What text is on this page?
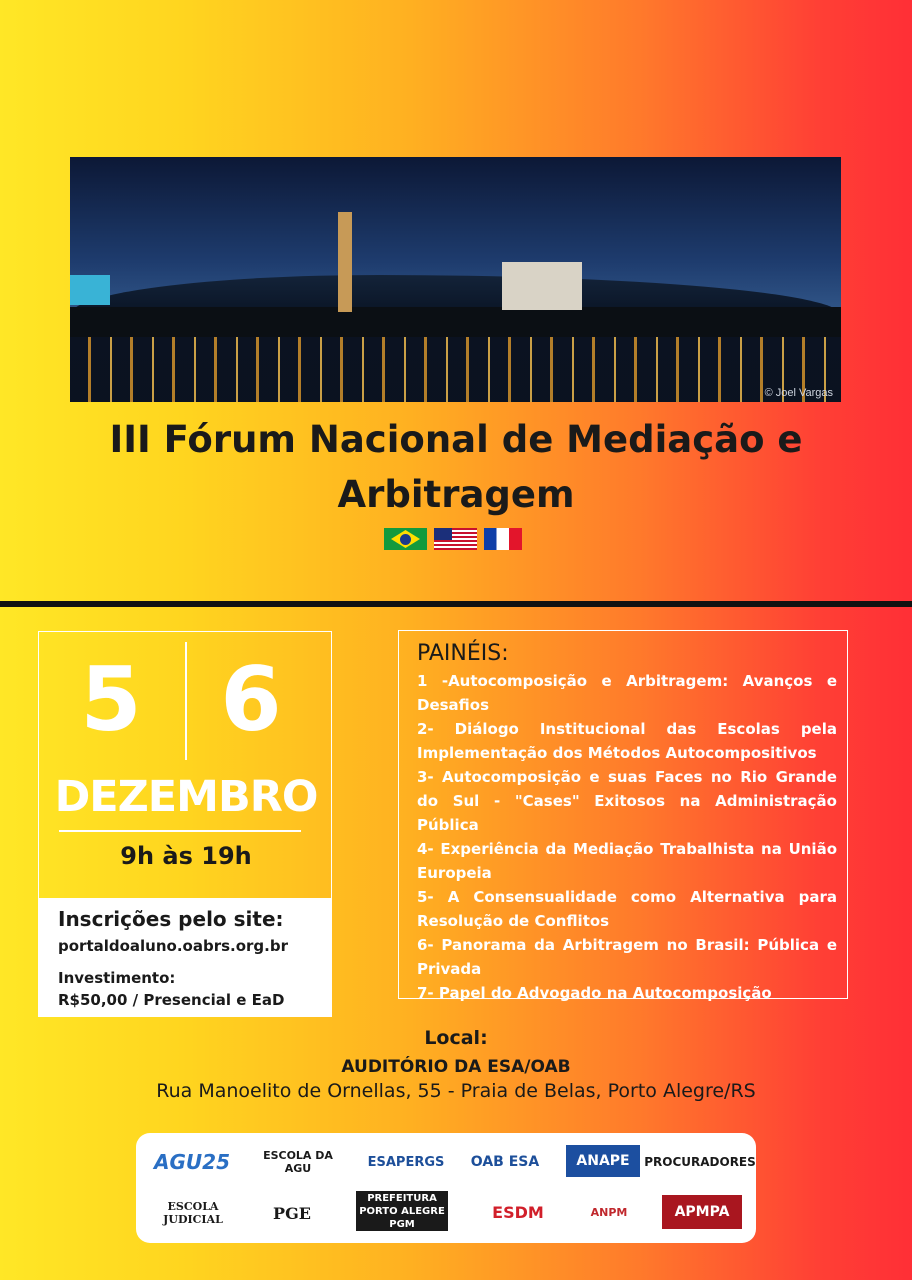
© Joel Vargas
III Fórum Nacional de Mediação e
Arbitragem
5 6
DEZEMBRO
9h às 19h
Inscrições pelo site:
portaldoaluno.oabrs.org.br
Investimento:
R$50,00 / Presencial e EaD
PAINÉIS:
1 -Autocomposição e Arbitragem: Avanços e Desafios
2- Diálogo Institucional das Escolas pela Implementação dos Métodos Autocompositivos
3- Autocomposição e suas Faces no Rio Grande do Sul - "Cases" Exitosos na Administração Pública
4- Experiência da Mediação Trabalhista na União Europeia
5- A Consensualidade como Alternativa para Resolução de Conflitos
6- Panorama da Arbitragem no Brasil: Pública e Privada
7- Papel do Advogado na Autocomposição
Local:
AUDITÓRIO DA ESA/OAB
Rua Manoelito de Ornellas, 55 - Praia de Belas, Porto Alegre/RS
AGU25	ESCOLA DA AGU	ESAPERGS	OAB ESA	ANAPE	PROCURADORES
ESCOLA JUDICIAL	PGE
PREFEITURA PORTO ALEGRE PGM
ESDM	ANPM	APMPA
